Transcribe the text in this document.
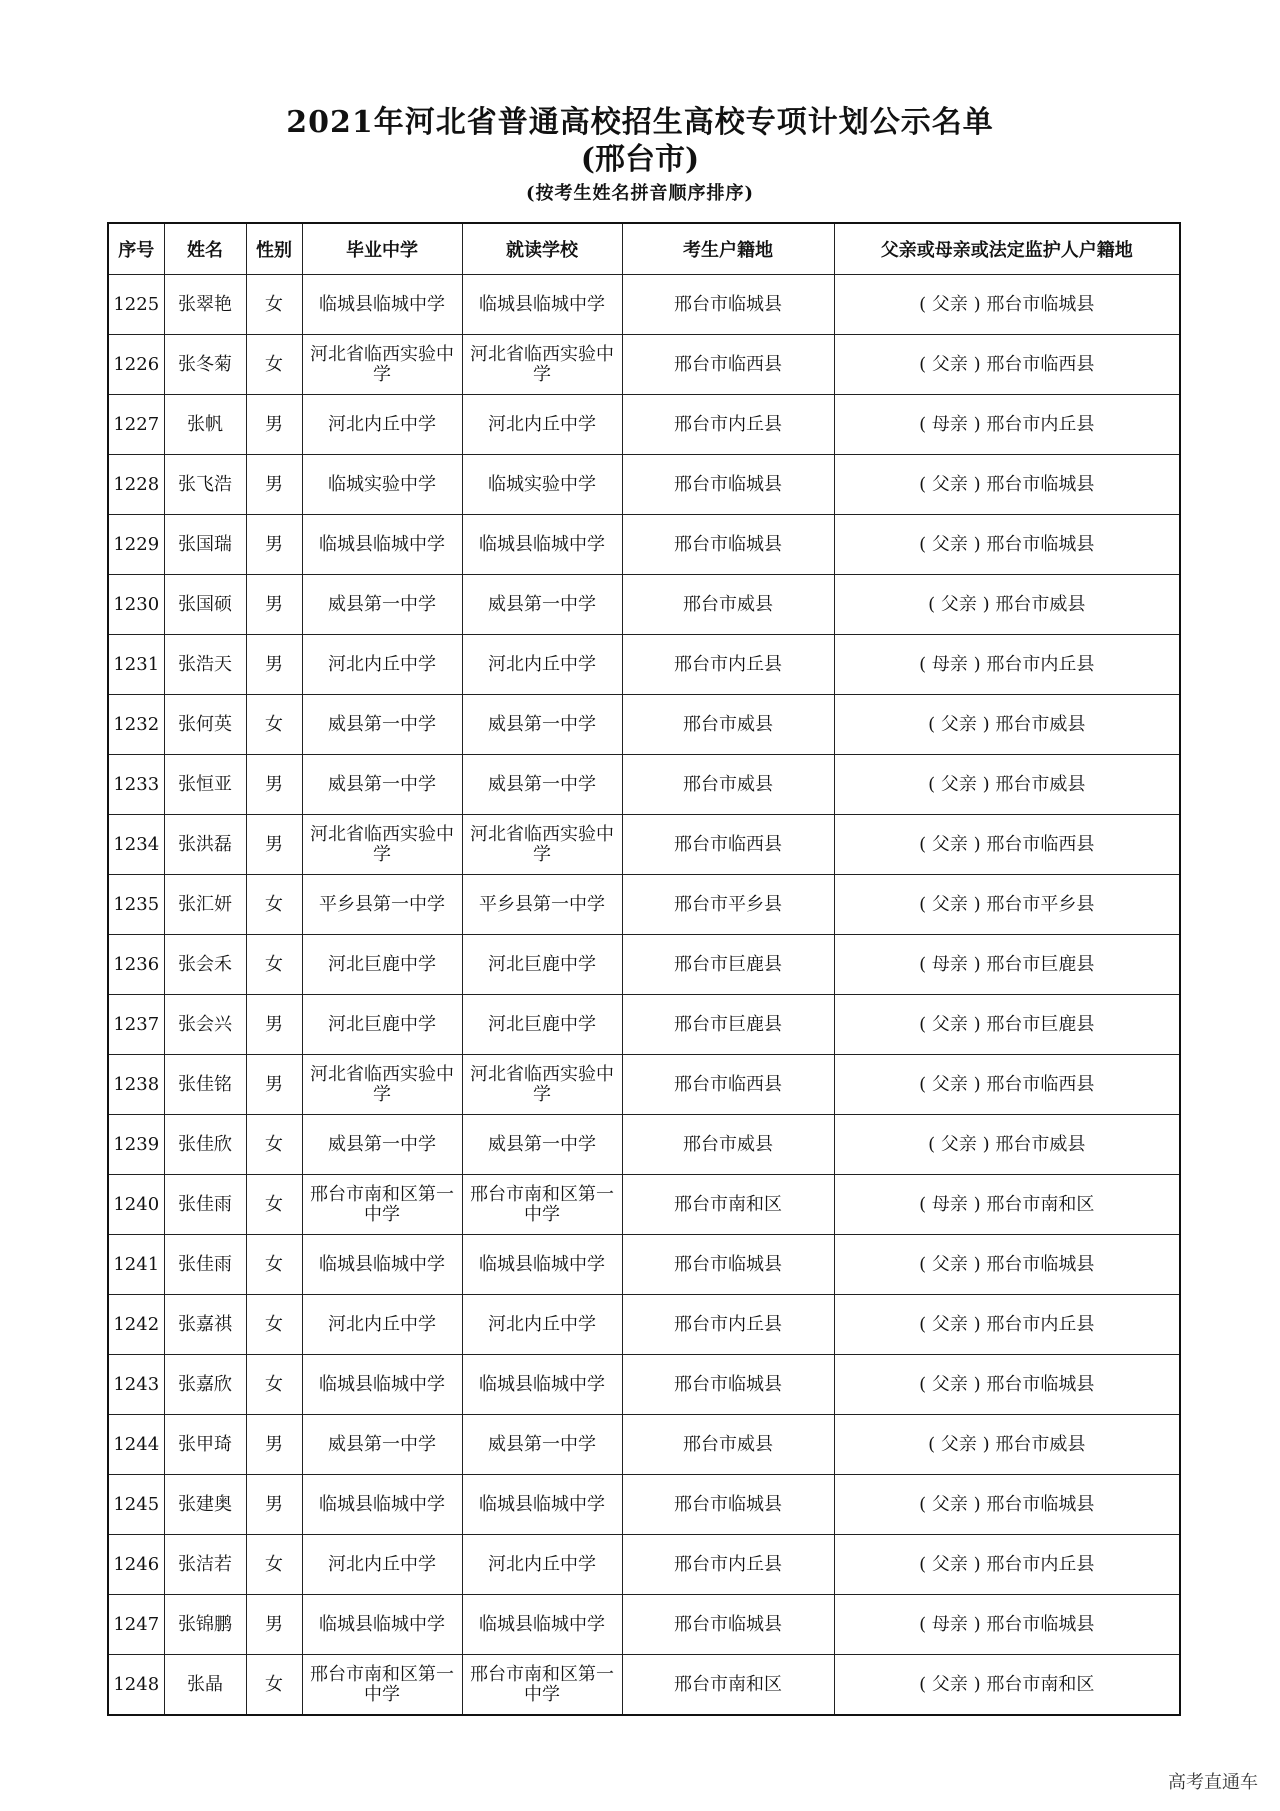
2021年河北省普通高校招生高校专项计划公示名单
(邢台市)
(按考生姓名拼音顺序排序)
序号	姓名	性别	毕业中学	就读学校	考生户籍地	父亲或母亲或法定监护人户籍地
1225	张翠艳	女	临城县临城中学	临城县临城中学	邢台市临城县	( 父亲 ) 邢台市临城县
1226	张冬菊	女	河北省临西实验中学	河北省临西实验中学	邢台市临西县	( 父亲 ) 邢台市临西县
1227	张帆	男	河北内丘中学	河北内丘中学	邢台市内丘县	( 母亲 ) 邢台市内丘县
1228	张飞浩	男	临城实验中学	临城实验中学	邢台市临城县	( 父亲 ) 邢台市临城县
1229	张国瑞	男	临城县临城中学	临城县临城中学	邢台市临城县	( 父亲 ) 邢台市临城县
1230	张国硕	男	威县第一中学	威县第一中学	邢台市威县	( 父亲 ) 邢台市威县
1231	张浩天	男	河北内丘中学	河北内丘中学	邢台市内丘县	( 母亲 ) 邢台市内丘县
1232	张何英	女	威县第一中学	威县第一中学	邢台市威县	( 父亲 ) 邢台市威县
1233	张恒亚	男	威县第一中学	威县第一中学	邢台市威县	( 父亲 ) 邢台市威县
1234	张洪磊	男	河北省临西实验中学	河北省临西实验中学	邢台市临西县	( 父亲 ) 邢台市临西县
1235	张汇妍	女	平乡县第一中学	平乡县第一中学	邢台市平乡县	( 父亲 ) 邢台市平乡县
1236	张会禾	女	河北巨鹿中学	河北巨鹿中学	邢台市巨鹿县	( 母亲 ) 邢台市巨鹿县
1237	张会兴	男	河北巨鹿中学	河北巨鹿中学	邢台市巨鹿县	( 父亲 ) 邢台市巨鹿县
1238	张佳铭	男	河北省临西实验中学	河北省临西实验中学	邢台市临西县	( 父亲 ) 邢台市临西县
1239	张佳欣	女	威县第一中学	威县第一中学	邢台市威县	( 父亲 ) 邢台市威县
1240	张佳雨	女	邢台市南和区第一中学	邢台市南和区第一中学	邢台市南和区	( 母亲 ) 邢台市南和区
1241	张佳雨	女	临城县临城中学	临城县临城中学	邢台市临城县	( 父亲 ) 邢台市临城县
1242	张嘉祺	女	河北内丘中学	河北内丘中学	邢台市内丘县	( 父亲 ) 邢台市内丘县
1243	张嘉欣	女	临城县临城中学	临城县临城中学	邢台市临城县	( 父亲 ) 邢台市临城县
1244	张甲琦	男	威县第一中学	威县第一中学	邢台市威县	( 父亲 ) 邢台市威县
1245	张建奥	男	临城县临城中学	临城县临城中学	邢台市临城县	( 父亲 ) 邢台市临城县
1246	张洁若	女	河北内丘中学	河北内丘中学	邢台市内丘县	( 父亲 ) 邢台市内丘县
1247	张锦鹏	男	临城县临城中学	临城县临城中学	邢台市临城县	( 母亲 ) 邢台市临城县
1248	张晶	女	邢台市南和区第一中学	邢台市南和区第一中学	邢台市南和区	( 父亲 ) 邢台市南和区
高考直通车
